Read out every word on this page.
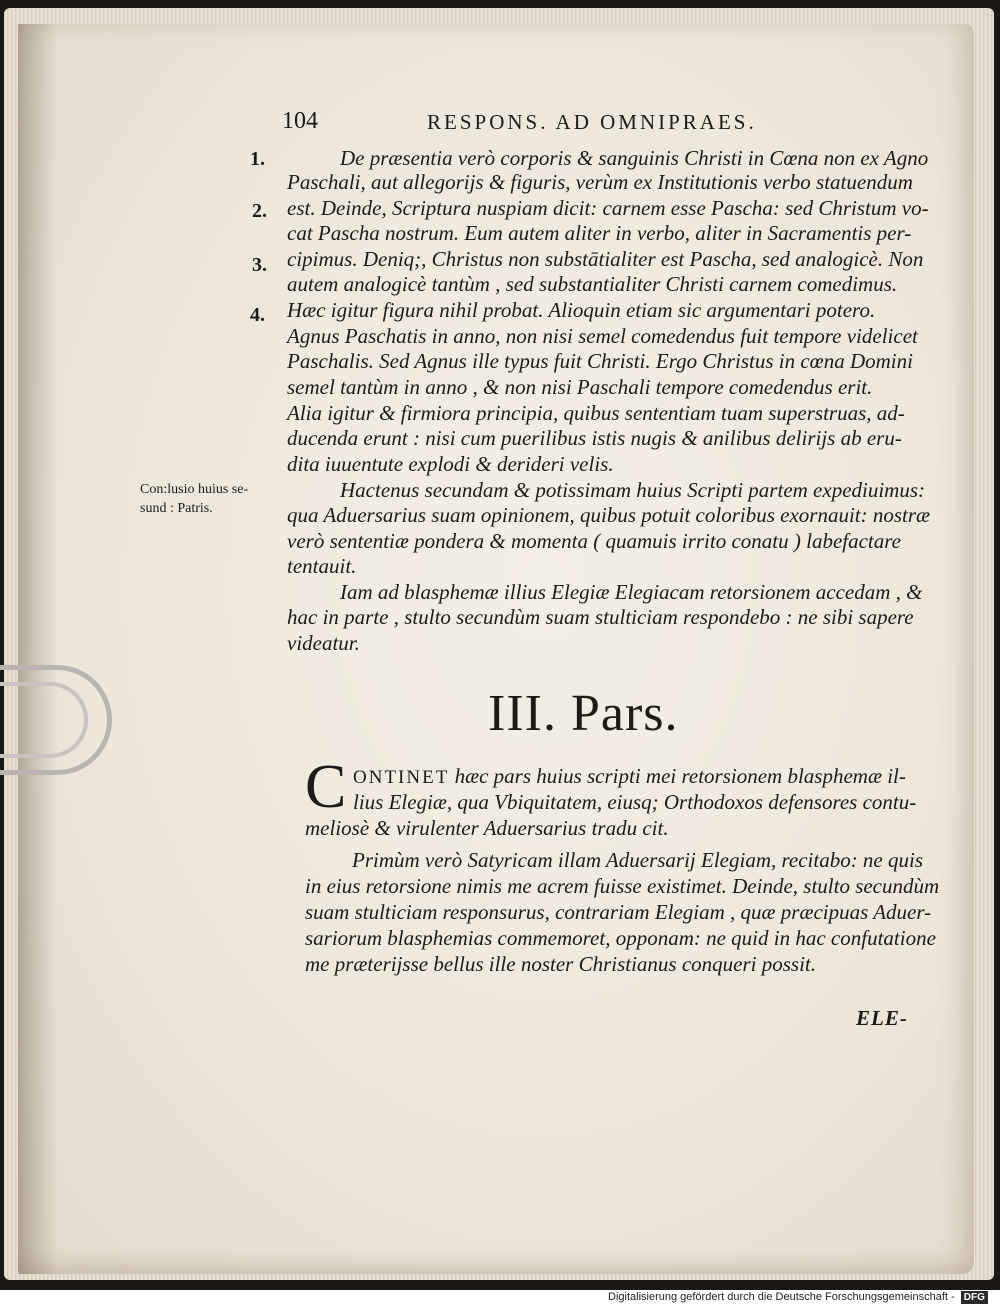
104	RESPONS. AD OMNIPRAES.
1.
2.
3.
4.
Con:lusio huius se-
sund : Patris.
De præsentia verò corporis & sanguinis Christi in Cœna non ex Agno
Paschali, aut allegorijs & figuris, verùm ex Institutionis verbo statuendum
est. Deinde, Scriptura nuspiam dicit: carnem esse Pascha: sed Christum vo-
cat Pascha nostrum. Eum autem aliter in verbo, aliter in Sacramentis per-
cipimus. Deniq;, Christus non substātialiter est Pascha, sed analogicè. Non
autem analogicè tantùm , sed substantialiter Christi carnem comedimus.
Hæc igitur figura nihil probat. Alioquin etiam sic argumentari potero.
Agnus Paschatis in anno, non nisi semel comedendus fuit tempore videlicet
Paschalis. Sed Agnus ille typus fuit Christi. Ergo Christus in cœna Domini
semel tantùm in anno , & non nisi Paschali tempore comedendus erit.
Alia igitur & firmiora principia, quibus sententiam tuam superstruas, ad-
ducenda erunt : nisi cum puerilibus istis nugis & anilibus delirijs ab eru-
dita iuuentute explodi & derideri velis.
Hactenus secundam & potissimam huius Scripti partem expediuimus:
qua Aduersarius suam opinionem, quibus potuit coloribus exornauit: nostræ
verò sententiæ pondera & momenta ( quamuis irrito conatu ) labefactare
tentauit.
Iam ad blasphemæ illius Elegiæ Elegiacam retorsionem accedam , &
hac in parte , stulto secundùm suam stulticiam respondebo : ne sibi sapere
videatur.
III. Pars.
C ONTINET hæc pars huius scripti mei retorsionem blasphemæ il-
lius Elegiæ, qua Vbiquitatem, eiusq; Orthodoxos defensores contu-
meliosè & virulenter Aduersarius tradu cit.
Primùm verò Satyricam illam Aduersarij Elegiam, recitabo: ne quis
in eius retorsione nimis me acrem fuisse existimet. Deinde, stulto secundùm
suam stulticiam responsurus, contrariam Elegiam , quæ præcipuas Aduer-
sariorum blasphemias commemoret, opponam: ne quid in hac confutatione
me præterijsse bellus ille noster Christianus conqueri possit.
ELE-
Digitalisierung gefördert durch die Deutsche Forschungsgemeinschaft - DFG
